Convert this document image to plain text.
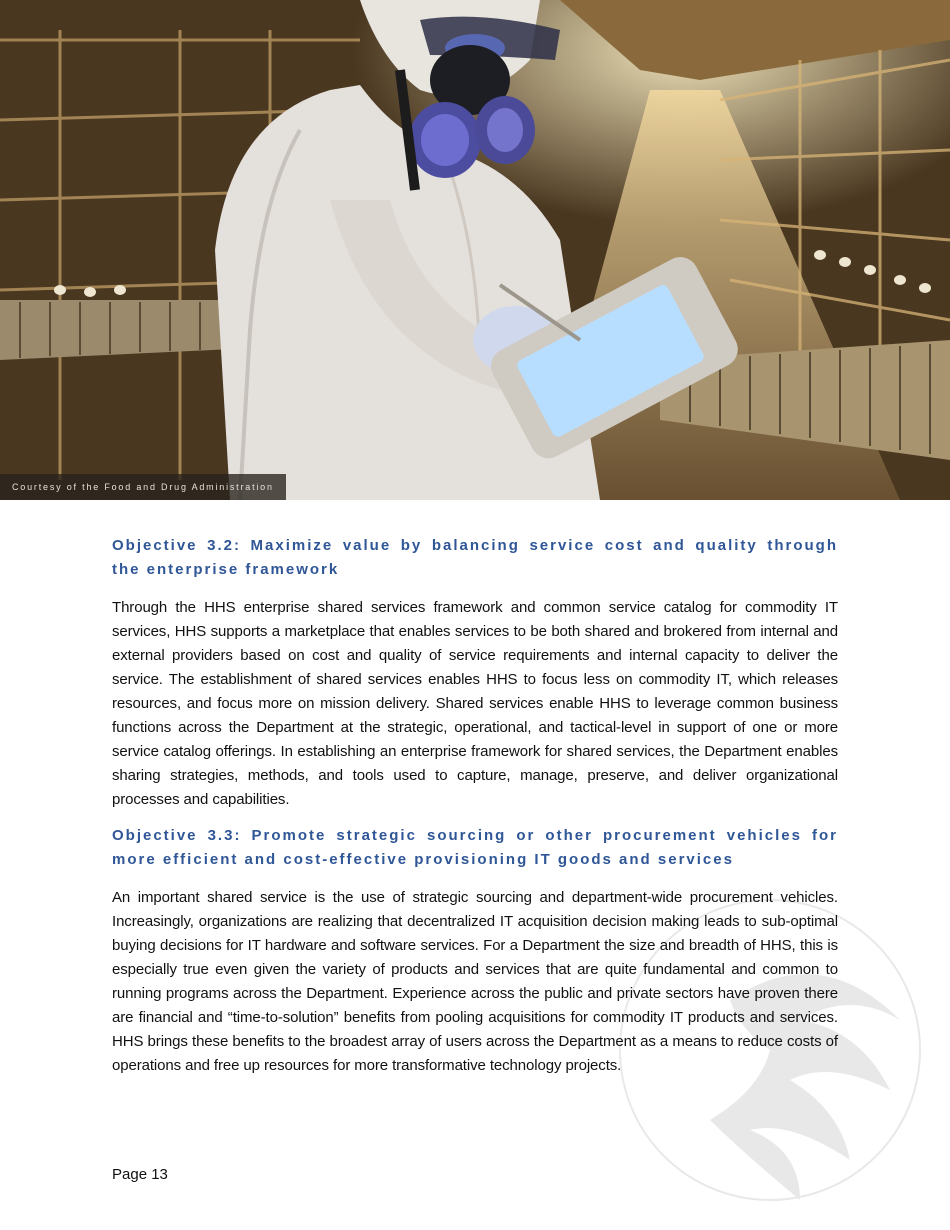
Courtesy of the Food and Drug Administration
Objective 3.2: Maximize value by balancing service cost and quality through the enterprise framework

Through the HHS enterprise shared services framework and common service catalog for commodity IT services, HHS supports a marketplace that enables services to be both shared and brokered from internal and external providers based on cost and quality of service requirements and internal capacity to deliver the service. The establishment of shared services enables HHS to focus less on commodity IT, which releases resources, and focus more on mission delivery. Shared services enable HHS to leverage common business functions across the Department at the strategic, operational, and tactical-level in support of one or more service catalog offerings. In establishing an enterprise framework for shared services, the Department enables sharing strategies, methods, and tools used to capture, manage, preserve, and deliver organizational processes and capabilities.

Objective 3.3: Promote strategic sourcing or other procurement vehicles for more efficient and cost-effective provisioning IT goods and services

An important shared service is the use of strategic sourcing and department-wide procurement vehicles. Increasingly, organizations are realizing that decentralized IT acquisition decision making leads to sub-optimal buying decisions for IT hardware and software services. For a Department the size and breadth of HHS, this is especially true even given the variety of products and services that are quite fundamental and common to running programs across the Department. Experience across the public and private sectors have proven there are financial and “time-to-solution” benefits from pooling acquisitions for commodity IT products and services. HHS brings these benefits to the broadest array of users across the Department as a means to reduce costs of operations and free up resources for more transformative technology projects.

Page 13
